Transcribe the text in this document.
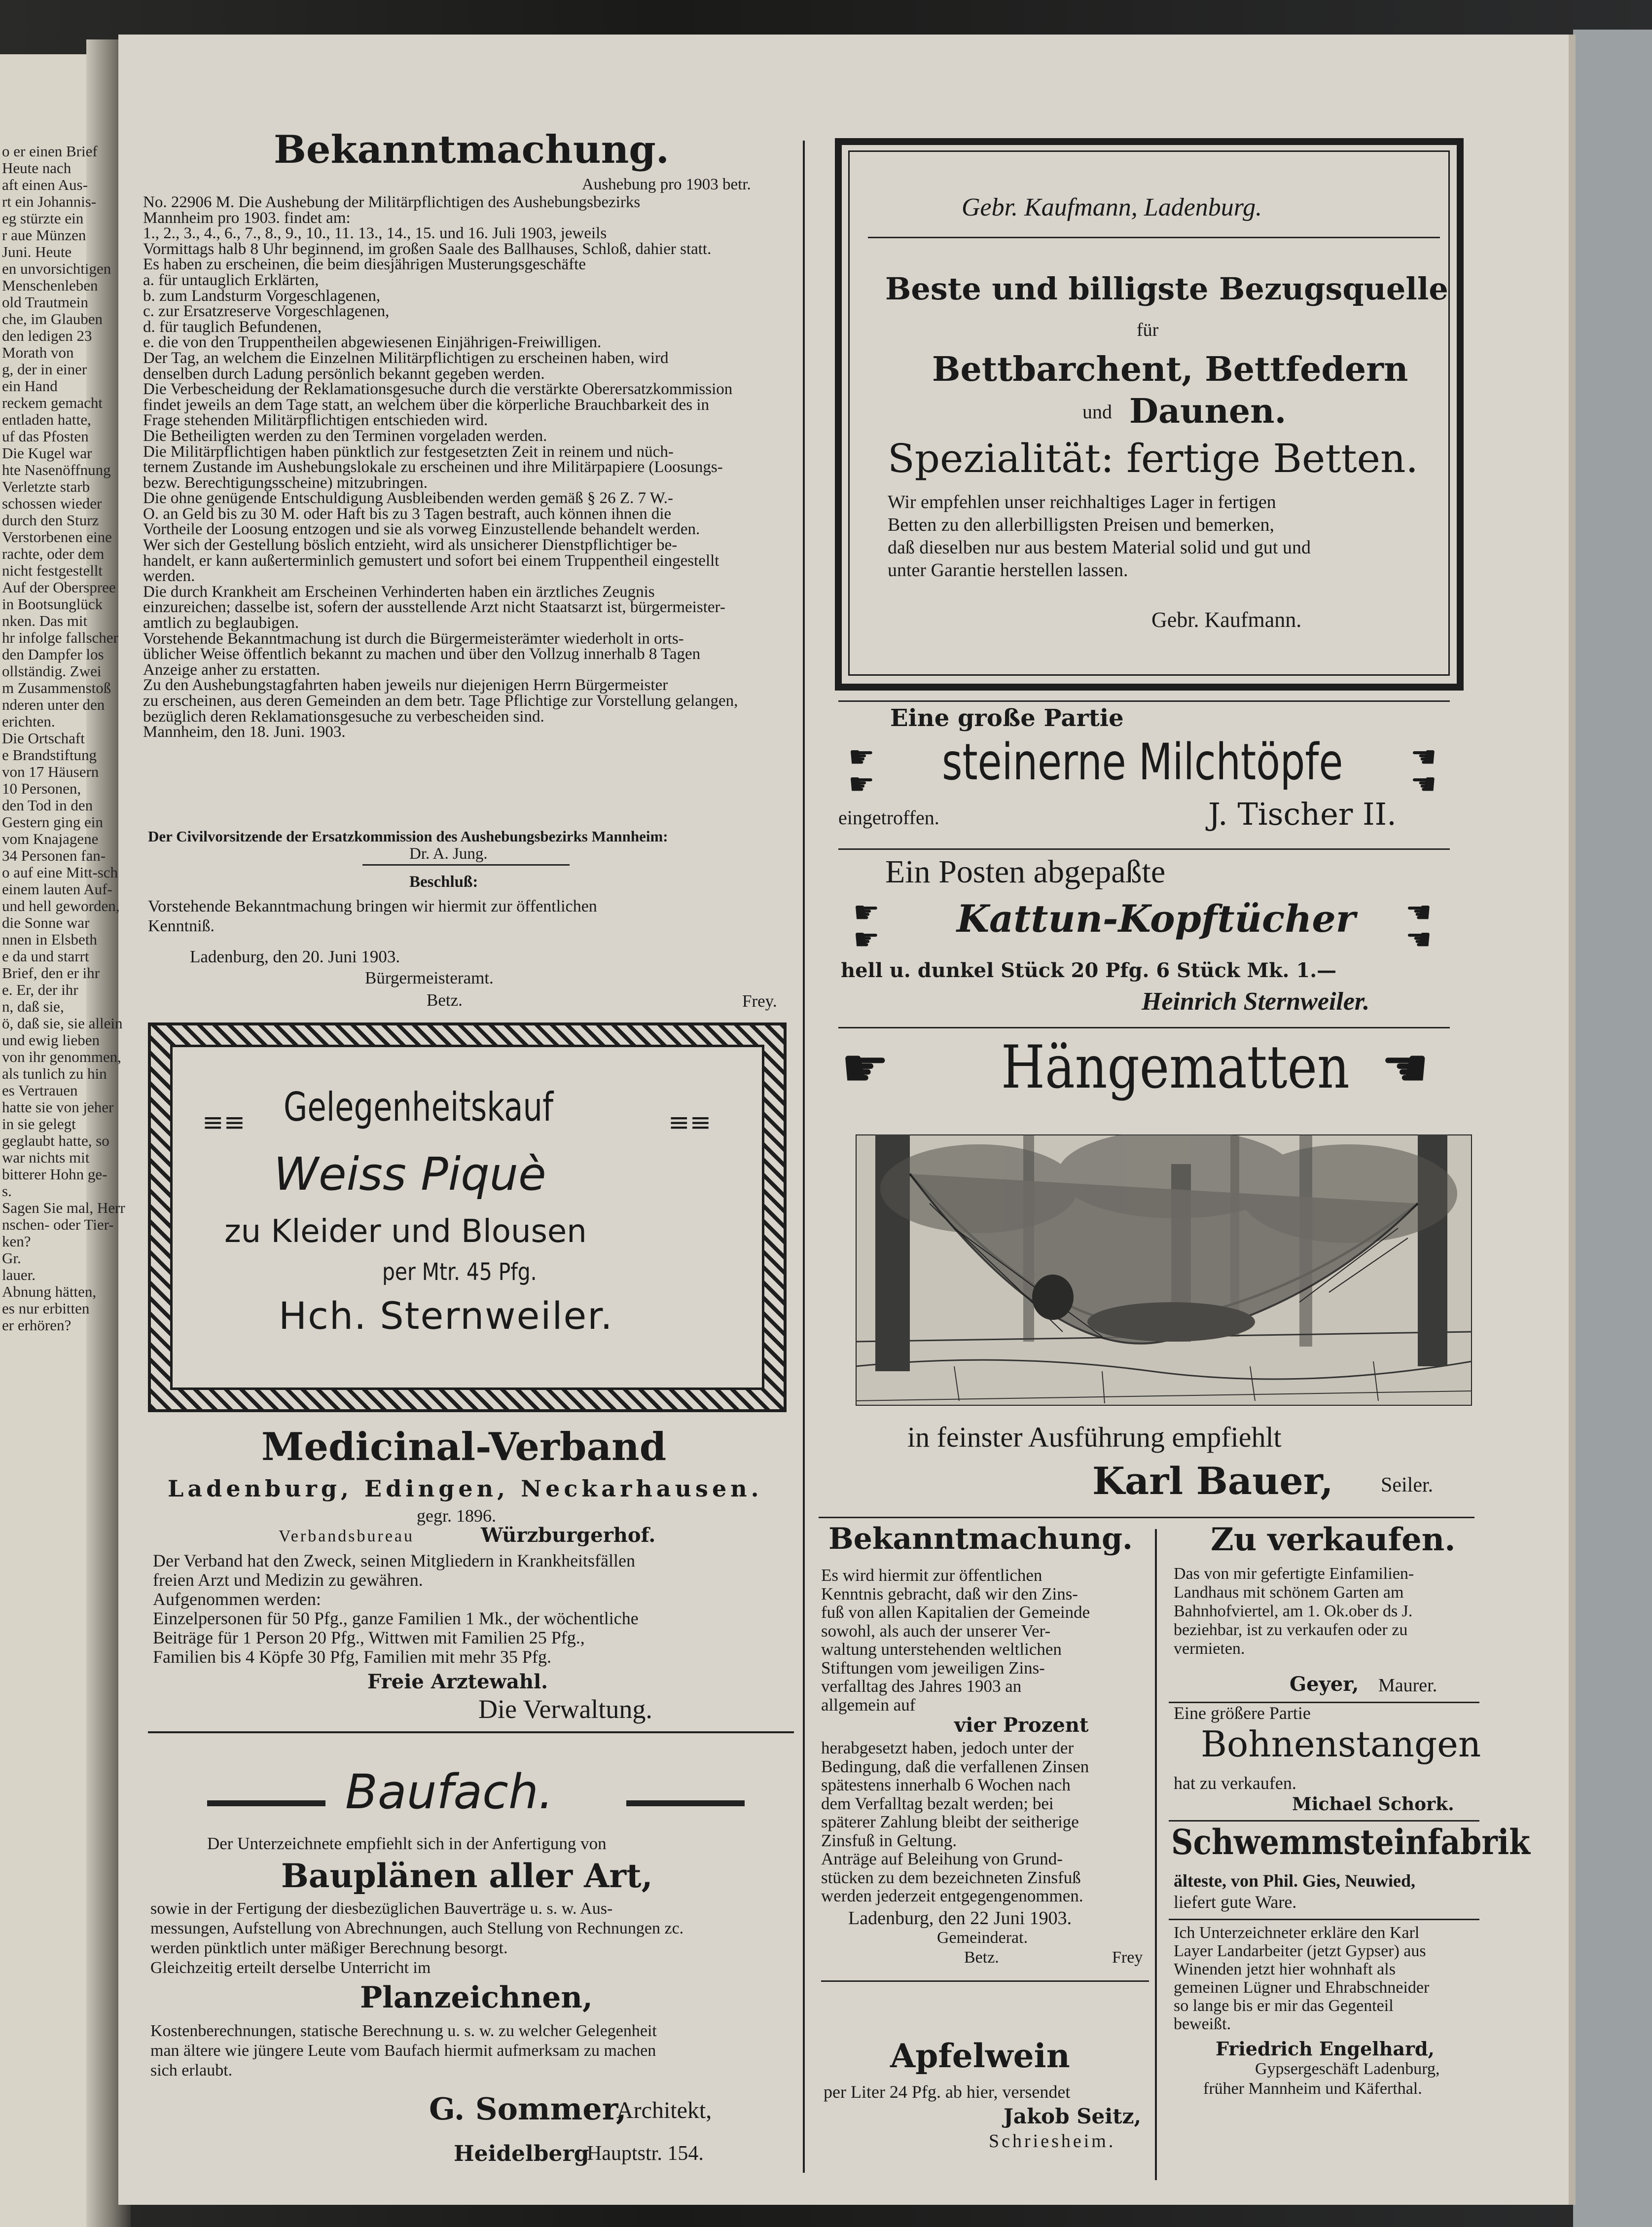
o er einen Brief
Heute nach
aft einen Aus-
rt ein Johannis-
eg stürzte ein
r aue Münzen
Juni. Heute
en unvorsichtigen
Menschenleben
old Trautmein
che, im Glauben
den ledigen 23
Morath von
g, der in einer
ein Hand
reckem gemacht
entladen hatte,
uf das Pfosten
Die Kugel war
hte Nasenöffnung
Verletzte starb
schossen wieder
durch den Sturz
Verstorbenen eine
rachte, oder dem
nicht festgestellt
Auf der Oberspree
in Bootsunglück
nken. Das mit
hr infolge fallscher
den Dampfer los
ollständig. Zwei
m Zusammenstoß
nderen unter den
erichten.
Die Ortschaft
e Brandstiftung
von 17 Häusern
10 Personen,
den Tod in den
Gestern ging ein
vom Knajagene
34 Personen fan-
o auf eine Mitt-sch
einem lauten Auf-
und hell geworden,
die Sonne war
nnen in Elsbeth
e da und starrt
Brief, den er ihr
e. Er, der ihr
n, daß sie,
ö, daß sie, sie allein
und ewig lieben
von ihr genommen,
als tunlich zu hin
es Vertrauen
hatte sie von jeher
in sie gelegt
geglaubt hatte, so
war nichts mit
bitterer Hohn ge-
s.
Sagen Sie mal, Herr
nschen- oder Tier-
ken?
Gr.
lauer.
Abnung hätten,
es nur erbitten
er erhören?
Bekanntmachung.
Aushebung pro 1903 betr.
No. 22906 M. Die Aushebung der Militärpflichtigen des Aushebungsbezirks
Mannheim pro 1903. findet am:
1., 2., 3., 4., 6., 7., 8., 9., 10., 11. 13., 14., 15. und 16. Juli 1903, jeweils
Vormittags halb 8 Uhr beginnend, im großen Saale des Ballhauses, Schloß, dahier statt.
Es haben zu erscheinen, die beim diesjährigen Musterungsgeschäfte
a. für untauglich Erklärten,
b. zum Landsturm Vorgeschlagenen,
c. zur Ersatzreserve Vorgeschlagenen,
d. für tauglich Befundenen,
e. die von den Truppentheilen abgewiesenen Einjährigen-Freiwilligen.
Der Tag, an welchem die Einzelnen Militärpflichtigen zu erscheinen haben, wird
denselben durch Ladung persönlich bekannt gegeben werden.
Die Verbescheidung der Reklamationsgesuche durch die verstärkte Oberersatzkommission
findet jeweils an dem Tage statt, an welchem über die körperliche Brauchbarkeit des in
Frage stehenden Militärpflichtigen entschieden wird.
Die Betheiligten werden zu den Terminen vorgeladen werden.
Die Militärpflichtigen haben pünktlich zur festgesetzten Zeit in reinem und nüch-
ternem Zustande im Aushebungslokale zu erscheinen und ihre Militärpapiere (Loosungs-
bezw. Berechtigungsscheine) mitzubringen.
Die ohne genügende Entschuldigung Ausbleibenden werden gemäß § 26 Z. 7 W.-
O. an Geld bis zu 30 M. oder Haft bis zu 3 Tagen bestraft, auch können ihnen die
Vortheile der Loosung entzogen und sie als vorweg Einzustellende behandelt werden.
Wer sich der Gestellung böslich entzieht, wird als unsicherer Dienstpflichtiger be-
handelt, er kann außerterminlich gemustert und sofort bei einem Truppentheil eingestellt
werden.
Die durch Krankheit am Erscheinen Verhinderten haben ein ärztliches Zeugnis
einzureichen; dasselbe ist, sofern der ausstellende Arzt nicht Staatsarzt ist, bürgermeister-
amtlich zu beglaubigen.
Vorstehende Bekanntmachung ist durch die Bürgermeisterämter wiederholt in orts-
üblicher Weise öffentlich bekannt zu machen und über den Vollzug innerhalb 8 Tagen
Anzeige anher zu erstatten.
Zu den Aushebungstagfahrten haben jeweils nur diejenigen Herrn Bürgermeister
zu erscheinen, aus deren Gemeinden an dem betr. Tage Pflichtige zur Vorstellung gelangen,
bezüglich deren Reklamationsgesuche zu verbescheiden sind.
Mannheim, den 18. Juni. 1903.
Der Civilvorsitzende der Ersatzkommission des Aushebungsbezirks Mannheim:
Dr. A. Jung.
Beschluß:
Vorstehende Bekanntmachung bringen wir hiermit zur öffentlichen
Kenntniß.
Ladenburg, den 20. Juni 1903.
Bürgermeisteramt.
Betz.	Frey.
≡≡	≡≡
Gelegenheitskauf
Weiss Piquè
zu Kleider und Blousen
per Mtr. 45 Pfg.
Hch. Sternweiler.
Medicinal-Verband
Ladenburg, Edingen, Neckarhausen.
gegr. 1896.
Verbandsbureau	Würzburgerhof.
Der Verband hat den Zweck, seinen Mitgliedern in Krankheitsfällen
freien Arzt und Medizin zu gewähren.
Aufgenommen werden:
Einzelpersonen für 50 Pfg., ganze Familien 1 Mk., der wöchentliche
Beiträge für 1 Person 20 Pfg., Wittwen mit Familien 25 Pfg.,
Familien bis 4 Köpfe 30 Pfg, Familien mit mehr 35 Pfg.
Freie Arztewahl.
Die Verwaltung.
Baufach.
Der Unterzeichnete empfiehlt sich in der Anfertigung von
Bauplänen aller Art,
sowie in der Fertigung der diesbezüglichen Bauverträge u. s. w. Aus-
messungen, Aufstellung von Abrechnungen, auch Stellung von Rechnungen zc.
werden pünktlich unter mäßiger Berechnung besorgt.
Gleichzeitig erteilt derselbe Unterricht im
Planzeichnen,
Kostenberechnungen, statische Berechnung u. s. w. zu welcher Gelegenheit
man ältere wie jüngere Leute vom Baufach hiermit aufmerksam zu machen
sich erlaubt.
G. Sommer,
Architekt,
Heidelberg
Hauptstr. 154.
Gebr. Kaufmann, Ladenburg.
Beste und billigste Bezugsquelle
für
Bettbarchent, Bettfedern
und Daunen.
Spezialität: fertige Betten.
Wir empfehlen unser reichhaltiges Lager in fertigen
Betten zu den allerbilligsten Preisen und bemerken,
daß dieselben nur aus bestem Material solid und gut und
unter Garantie herstellen lassen.
Gebr. Kaufmann.
Eine große Partie
☛
☛
☛
☛
steinerne Milchtöpfe
eingetroffen.	J. Tischer II.
Ein Posten abgepaßte
☛
☛
☛
☛
Kattun-Kopftücher
hell u. dunkel Stück 20 Pfg. 6 Stück Mk. 1.—
Heinrich Sternweiler.
☛ Hängematten ☛
in feinster Ausführung empfiehlt
Karl Bauer, Seiler.
Bekanntmachung.
Es wird hiermit zur öffentlichen
Kenntnis gebracht, daß wir den Zins-
fuß von allen Kapitalien der Gemeinde
sowohl, als auch der unserer Ver-
waltung unterstehenden weltlichen
Stiftungen vom jeweiligen Zins-
verfalltag des Jahres 1903 an
allgemein auf
vier Prozent
herabgesetzt haben, jedoch unter der
Bedingung, daß die verfallenen Zinsen
spätestens innerhalb 6 Wochen nach
dem Verfalltag bezalt werden; bei
späterer Zahlung bleibt der seitherige
Zinsfuß in Geltung.
Anträge auf Beleihung von Grund-
stücken zu dem bezeichneten Zinsfuß
werden jederzeit entgegengenommen.
Ladenburg, den 22 Juni 1903.
Gemeinderat.
Betz.	Frey
Apfelwein
per Liter 24 Pfg. ab hier, versendet
Jakob Seitz,
Schriesheim.
Zu verkaufen.
Das von mir gefertigte Einfamilien-
Landhaus mit schönem Garten am
Bahnhofviertel, am 1. Ok.ober ds J.
beziehbar, ist zu verkaufen oder zu
vermieten.
Geyer, Maurer.
Eine größere Partie
Bohnenstangen
hat zu verkaufen.
Michael Schork.
Schwemmsteinfabrik
älteste, von Phil. Gies, Neuwied,
liefert gute Ware.
Ich Unterzeichneter erkläre den Karl
Layer Landarbeiter (jetzt Gypser) aus
Winenden jetzt hier wohnhaft als
gemeinen Lügner und Ehrabschneider
so lange bis er mir das Gegenteil
beweißt.
Friedrich Engelhard,
Gypsergeschäft Ladenburg,
früher Mannheim und Käferthal.
